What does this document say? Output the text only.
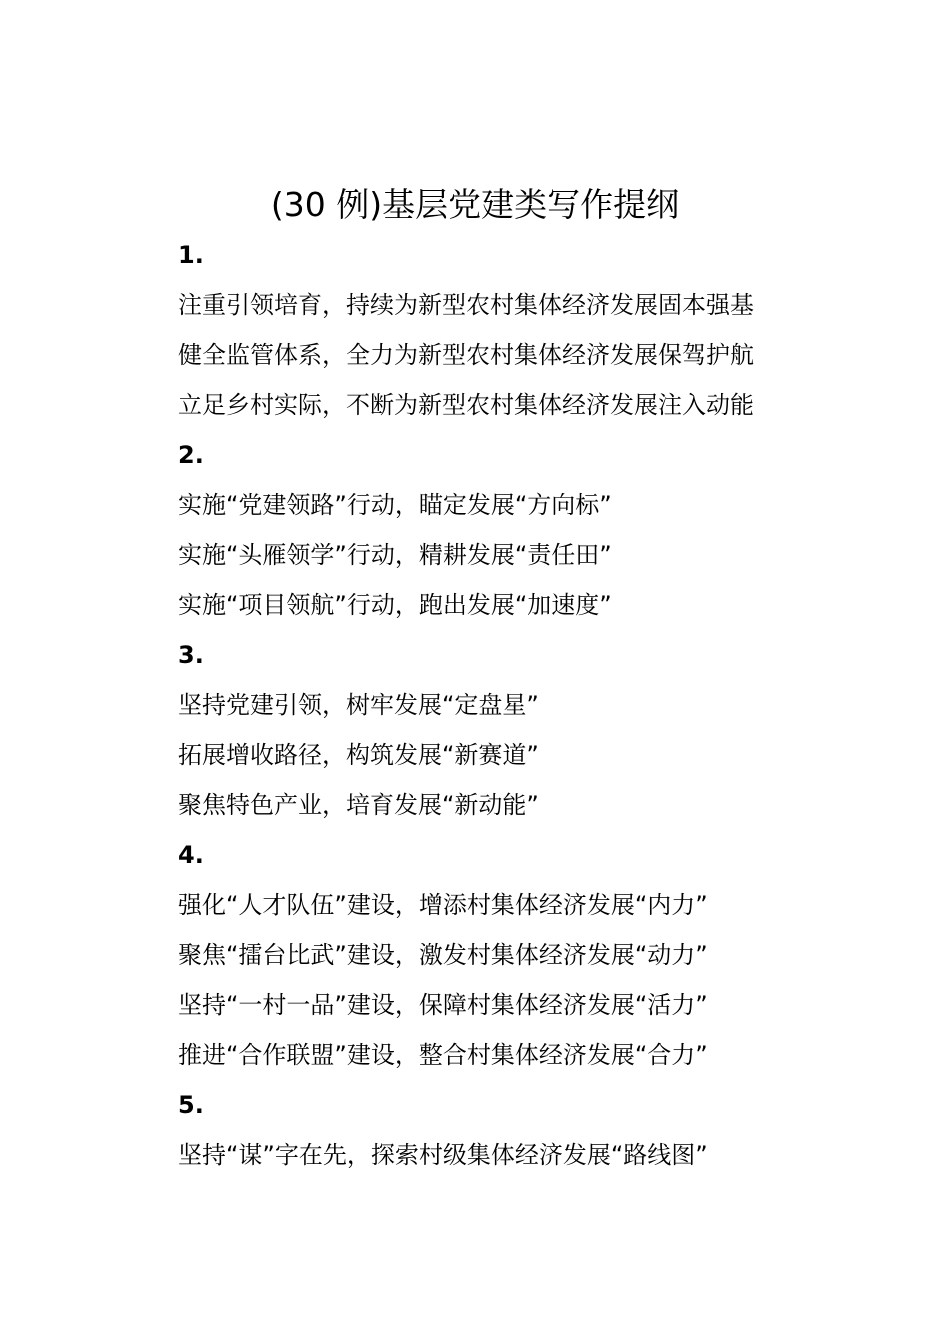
(30 例)基层党建类写作提纲
1.
注重引领培育，持续为新型农村集体经济发展固本强基
健全监管体系，全力为新型农村集体经济发展保驾护航
立足乡村实际，不断为新型农村集体经济发展注入动能
2.
实施“党建领路”行动，瞄定发展“方向标”
实施“头雁领学”行动，精耕发展“责任田”
实施“项目领航”行动，跑出发展“加速度”
3.
坚持党建引领，树牢发展“定盘星”
拓展增收路径，构筑发展“新赛道”
聚焦特色产业，培育发展“新动能”
4.
强化“人才队伍”建设，增添村集体经济发展“内力”
聚焦“擂台比武”建设，激发村集体经济发展“动力”
坚持“一村一品”建设，保障村集体经济发展“活力”
推进“合作联盟”建设，整合村集体经济发展“合力”
5.
坚持“谋”字在先，探索村级集体经济发展“路线图”
